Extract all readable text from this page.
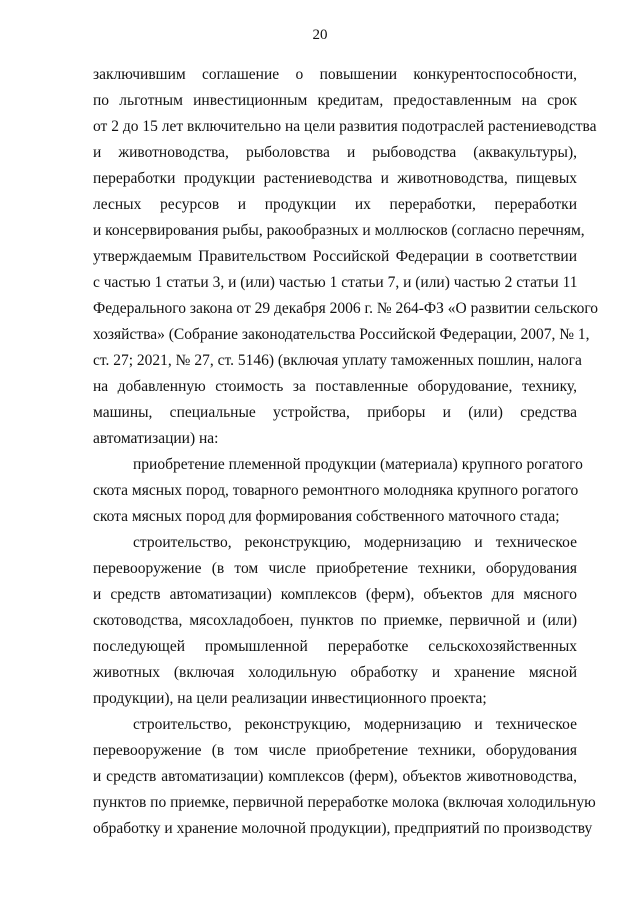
20
заключившим соглашение о повышении конкурентоспособности,
по льготным инвестиционным кредитам, предоставленным на срок
от 2 до 15 лет включительно на цели развития подотраслей растениеводства
и животноводства, рыболовства и рыбоводства (аквакультуры),
переработки продукции растениеводства и животноводства, пищевых
лесных ресурсов и продукции их переработки, переработки
и консервирования рыбы, ракообразных и моллюсков (согласно перечням,
утверждаемым Правительством Российской Федерации в соответствии
с частью 1 статьи 3, и (или) частью 1 статьи 7, и (или) частью 2 статьи 11
Федерального закона от 29 декабря 2006 г. № 264-ФЗ «О развитии сельского
хозяйства» (Собрание законодательства Российской Федерации, 2007, № 1,
ст. 27; 2021, № 27, ст. 5146) (включая уплату таможенных пошлин, налога
на добавленную стоимость за поставленные оборудование, технику,
машины, специальные устройства, приборы и (или) средства
автоматизации) на:
приобретение племенной продукции (материала) крупного рогатого
скота мясных пород, товарного ремонтного молодняка крупного рогатого
скота мясных пород для формирования собственного маточного стада;
строительство, реконструкцию, модернизацию и техническое
перевооружение (в том числе приобретение техники, оборудования
и средств автоматизации) комплексов (ферм), объектов для мясного
скотоводства, мясохладобоен, пунктов по приемке, первичной и (или)
последующей промышленной переработке сельскохозяйственных
животных (включая холодильную обработку и хранение мясной
продукции), на цели реализации инвестиционного проекта;
строительство, реконструкцию, модернизацию и техническое
перевооружение (в том числе приобретение техники, оборудования
и средств автоматизации) комплексов (ферм), объектов животноводства,
пунктов по приемке, первичной переработке молока (включая холодильную
обработку и хранение молочной продукции), предприятий по производству
